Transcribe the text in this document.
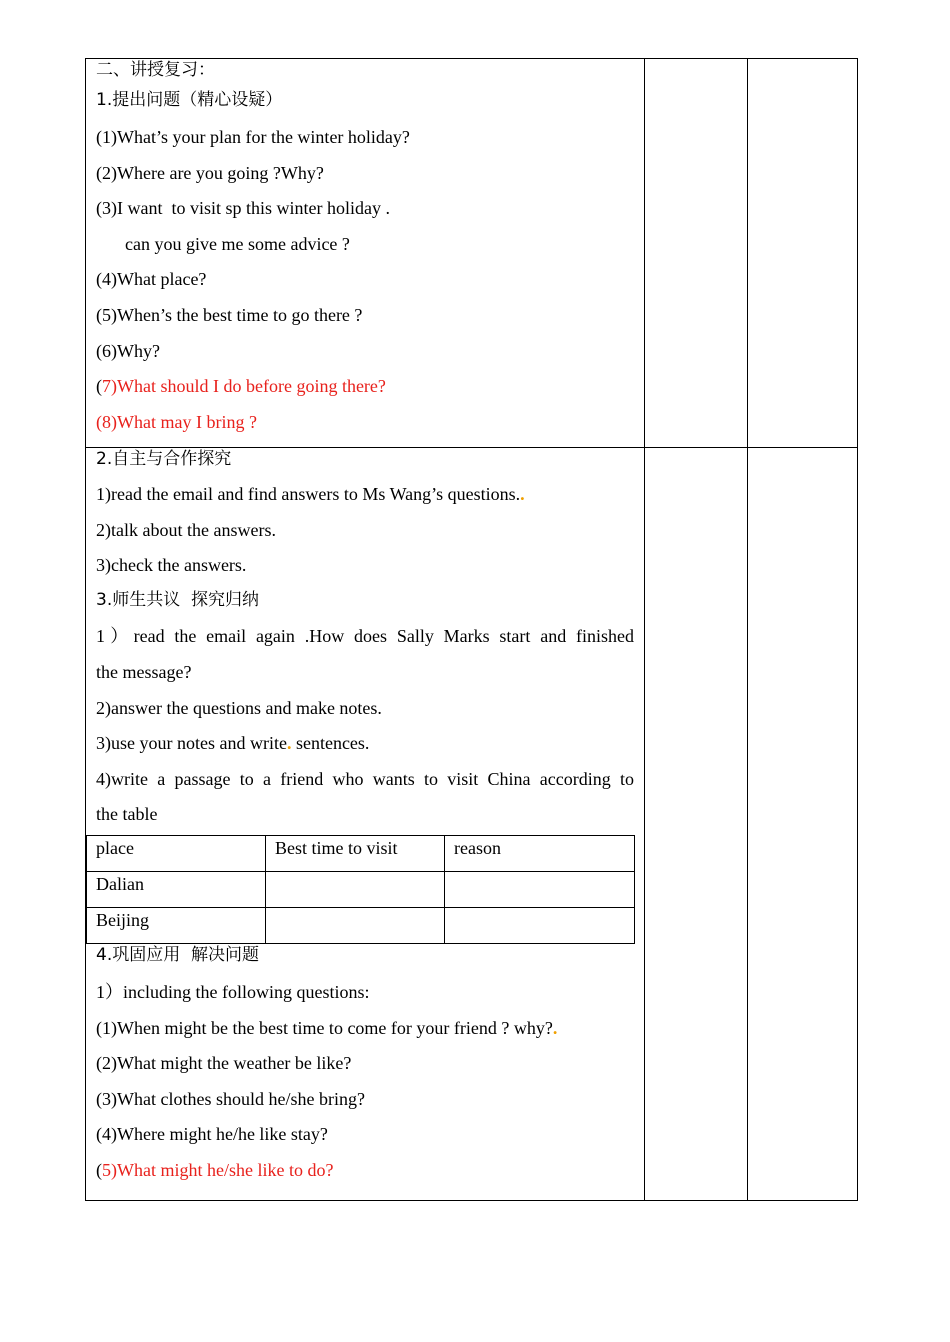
二、讲授复习：
1.提出问题（精心设疑）
(1)What’s your plan for the winter holiday?
(2)Where are you going ?Why?
(3)I want  to visit sp this winter holiday .
can you give me some advice ?
(4)What place?
(5)When’s the best time to go there ?
(6)Why?
(7)What should I do before going there?
(8)What may I bring ?

2.自主与合作探究
1)read the email and find answers to Ms Wang’s questions..
2)talk about the answers.
3)check the answers.
3.师生共议  探究归纳
1）read the email again .How does Sally Marks start and finished
the message?
2)answer the questions and make notes.
3)use your notes and write. sentences.
4)write a passage to a friend who wants to visit China according to
the table
place	Best time to visit	reason
Dalian		
Beijing		
4.巩固应用  解决问题
1）including the following questions:
(1)When might be the best time to come for your friend ? why?.
(2)What might the weather be like?
(3)What clothes should he/she bring?
(4)Where might he/he like stay?
(5)What might he/she like to do?
